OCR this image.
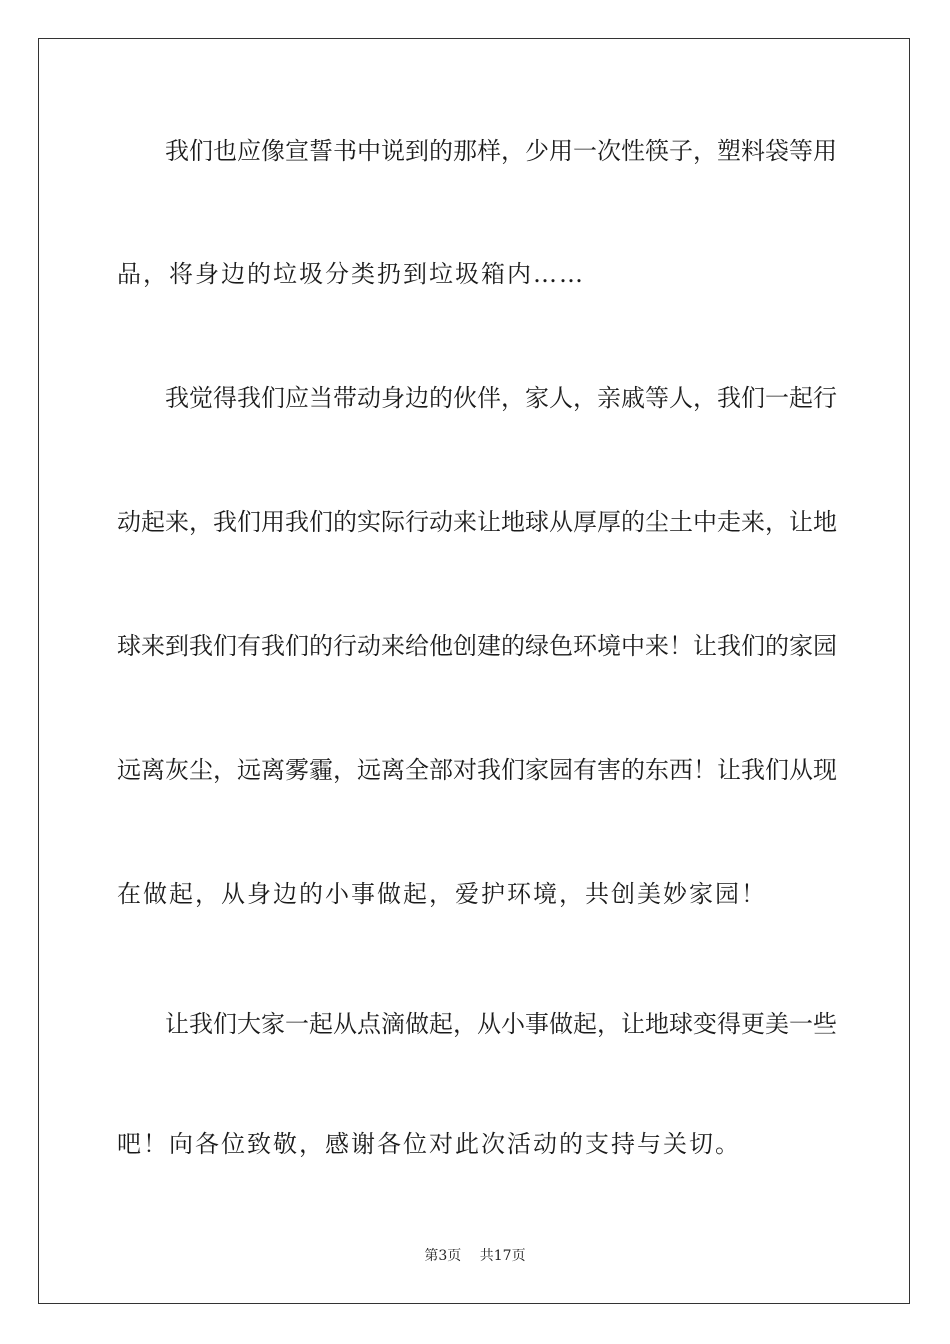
我们也应像宣誓书中说到的那样，少用一次性筷子，塑料袋等用
品，将身边的垃圾分类扔到垃圾箱内……
我觉得我们应当带动身边的伙伴，家人，亲戚等人，我们一起行
动起来，我们用我们的实际行动来让地球从厚厚的尘土中走来，让地
球来到我们有我们的行动来给他创建的绿色环境中来！让我们的家园
远离灰尘，远离雾霾，远离全部对我们家园有害的东西！让我们从现
在做起，从身边的小事做起，爱护环境，共创美妙家园！
让我们大家一起从点滴做起，从小事做起，让地球变得更美一些
吧！向各位致敬，感谢各位对此次活动的支持与关切。
第3页 共17页
